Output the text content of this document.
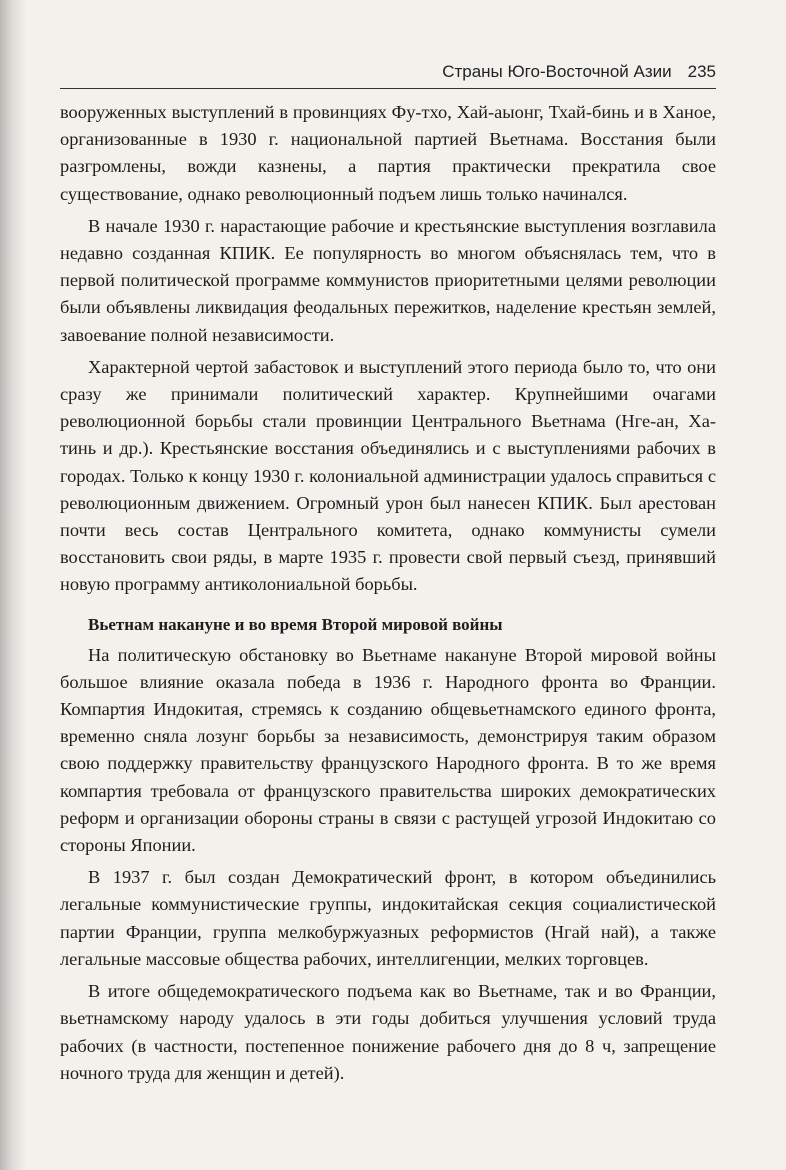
Страны Юго-Восточной Азии 235

вооруженных выступлений в провинциях Фу-тхо, Хай-аыонг, Тхай-бинь и в Ханое, организованные в 1930 г. национальной партией Вьетнама. Восстания были разгромлены, вожди казнены, а партия практически прекратила свое существование, однако революционный подъем лишь только начинался.

В начале 1930 г. нарастающие рабочие и крестьянские выступления возглавила недавно созданная КПИК. Ее популярность во многом объяснялась тем, что в первой политической программе коммунистов приоритетными целями революции были объявлены ликвидация феодальных пережитков, наделение крестьян землей, завоевание полной независимости.

Характерной чертой забастовок и выступлений этого периода было то, что они сразу же принимали политический характер. Крупнейшими очагами революционной борьбы стали провинции Центрального Вьетнама (Нге-ан, Ха-тинь и др.). Крестьянские восстания объединялись и с выступлениями рабочих в городах. Только к концу 1930 г. колониальной администрации удалось справиться с революционным движением. Огромный урон был нанесен КПИК. Был арестован почти весь состав Центрального комитета, однако коммунисты сумели восстановить свои ряды, в марте 1935 г. провести свой первый съезд, принявший новую программу антиколониальной борьбы.

Вьетнам накануне и во время Второй мировой войны

На политическую обстановку во Вьетнаме накануне Второй мировой войны большое влияние оказала победа в 1936 г. Народного фронта во Франции. Компартия Индокитая, стремясь к созданию общевьетнамского единого фронта, временно сняла лозунг борьбы за независимость, демонстрируя таким образом свою поддержку правительству французского Народного фронта. В то же время компартия требовала от французского правительства широких демократических реформ и организации обороны страны в связи с растущей угрозой Индокитаю со стороны Японии.

В 1937 г. был создан Демократический фронт, в котором объединились легальные коммунистические группы, индокитайская секция социалистической партии Франции, группа мелкобуржуазных реформистов (Нгай най), а также легальные массовые общества рабочих, интеллигенции, мелких торговцев.

В итоге общедемократического подъема как во Вьетнаме, так и во Франции, вьетнамскому народу удалось в эти годы добиться улучшения условий труда рабочих (в частности, постепенное понижение рабочего дня до 8 ч, запрещение ночного труда для женщин и детей).
